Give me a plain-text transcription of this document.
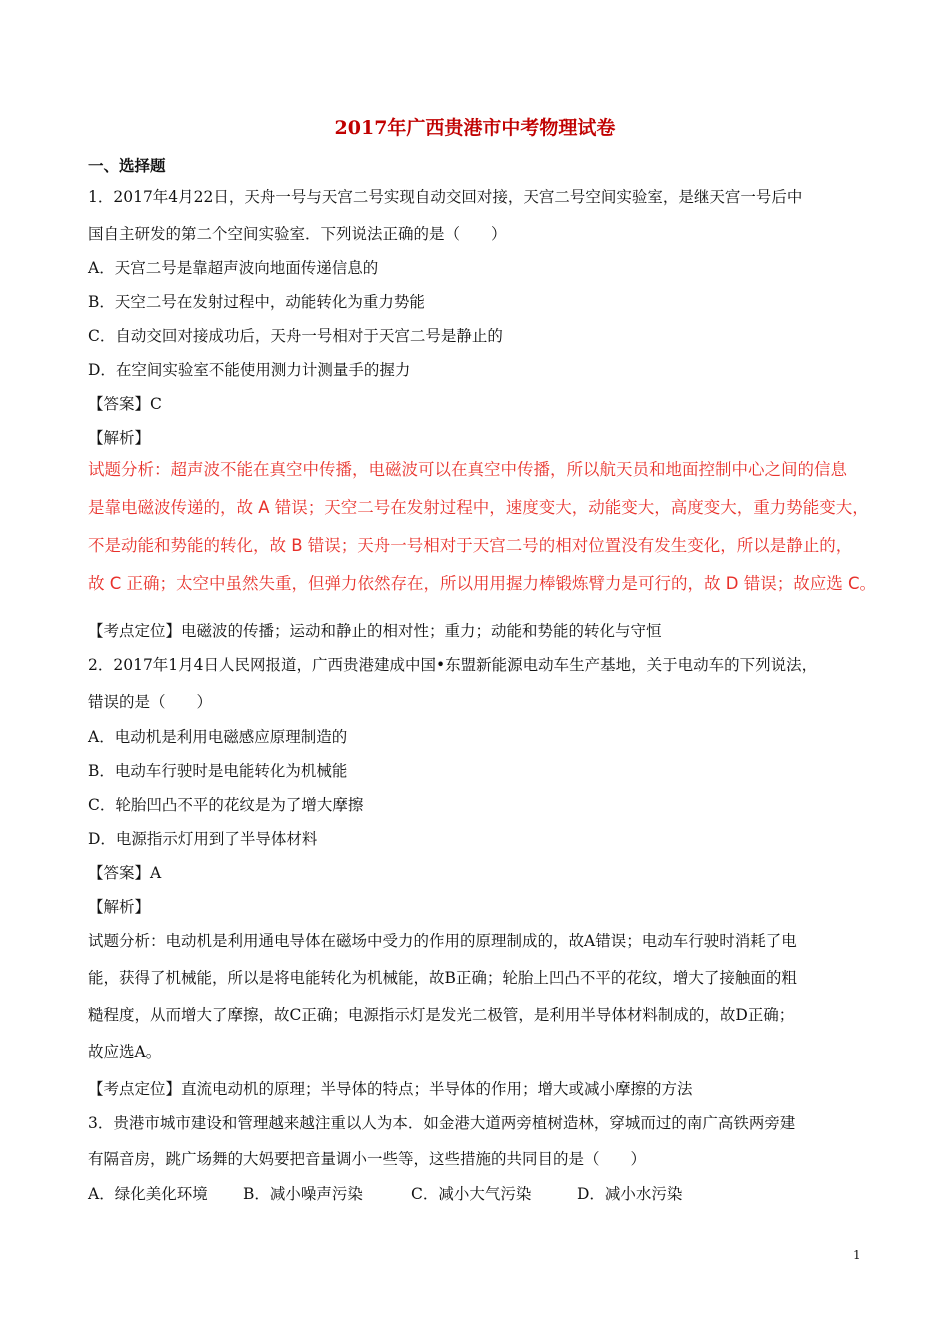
2017年广西贵港市中考物理试卷
一、选择题
1．2017年4月22日，天舟一号与天宫二号实现自动交回对接，天宫二号空间实验室，是继天宫一号后中
国自主研发的第二个空间实验室．下列说法正确的是（　　）
A．天宫二号是靠超声波向地面传递信息的
B．天空二号在发射过程中，动能转化为重力势能
C．自动交回对接成功后，天舟一号相对于天宫二号是静止的
D．在空间实验室不能使用测力计测量手的握力
【答案】C
【解析】
试题分析：超声波不能在真空中传播，电磁波可以在真空中传播，所以航天员和地面控制中心之间的信息
是靠电磁波传递的，故 A 错误；天空二号在发射过程中，速度变大，动能变大，高度变大，重力势能变大，
不是动能和势能的转化，故 B 错误；天舟一号相对于天宫二号的相对位置没有发生变化，所以是静止的，
故 C 正确；太空中虽然失重，但弹力依然存在，所以用用握力棒锻炼臂力是可行的，故 D 错误；故应选 C。
【考点定位】电磁波的传播；运动和静止的相对性；重力；动能和势能的转化与守恒
2．2017年1月4日人民网报道，广西贵港建成中国•东盟新能源电动车生产基地，关于电动车的下列说法，
错误的是（　　）
A．电动机是利用电磁感应原理制造的
B．电动车行驶时是电能转化为机械能
C．轮胎凹凸不平的花纹是为了增大摩擦
D．电源指示灯用到了半导体材料
【答案】A
【解析】
试题分析：电动机是利用通电导体在磁场中受力的作用的原理制成的，故A错误；电动车行驶时消耗了电
能，获得了机械能，所以是将电能转化为机械能，故B正确；轮胎上凹凸不平的花纹，增大了接触面的粗
糙程度，从而增大了摩擦，故C正确；电源指示灯是发光二极管，是利用半导体材料制成的，故D正确；
故应选A。
【考点定位】直流电动机的原理；半导体的特点；半导体的作用；增大或减小摩擦的方法
3．贵港市城市建设和管理越来越注重以人为本．如金港大道两旁植树造林，穿城而过的南广高铁两旁建
有隔音房，跳广场舞的大妈要把音量调小一些等，这些措施的共同目的是（　　）
A．绿化美化环境 B．减小噪声污染	C．减小大气污染	D．减小水污染
1
